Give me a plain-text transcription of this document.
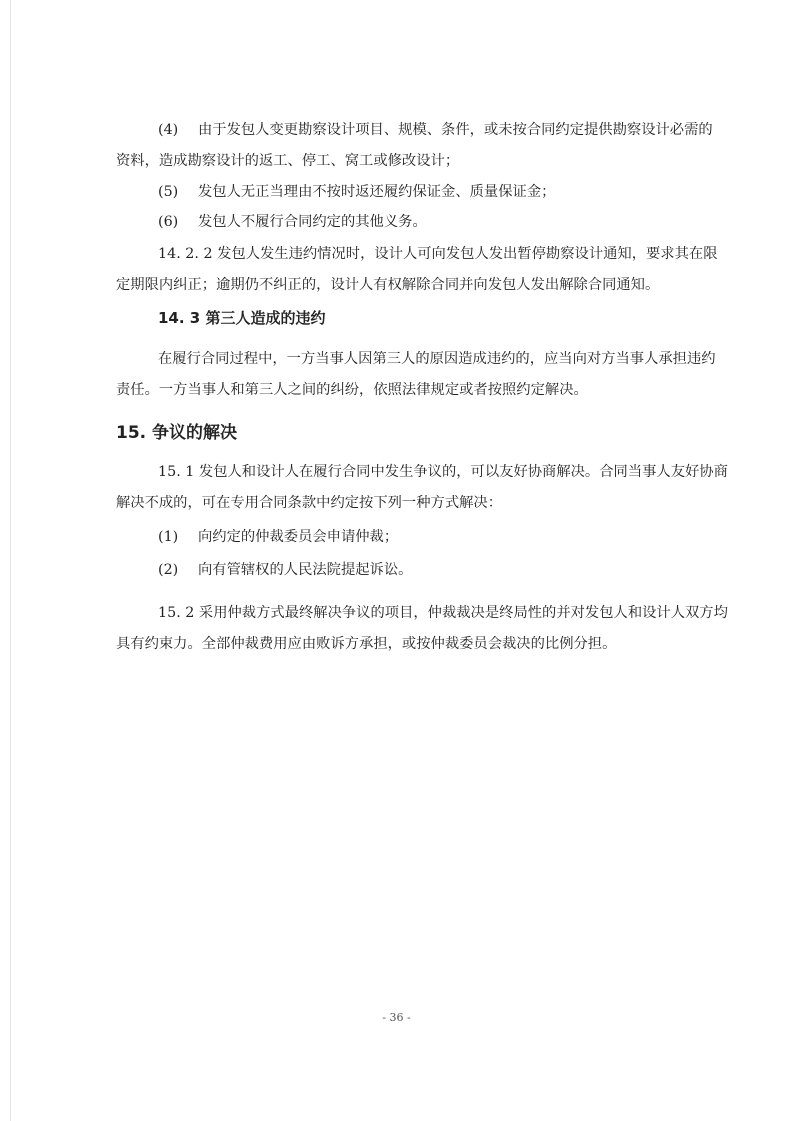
(4) 由于发包人变更勘察设计项目、规模、条件，或未按合同约定提供勘察设计必需的
资料，造成勘察设计的返工、停工、窝工或修改设计；
(5) 发包人无正当理由不按时返还履约保证金、质量保证金；
(6) 发包人不履行合同约定的其他义务。
14. 2. 2 发包人发生违约情况时，设计人可向发包人发出暂停勘察设计通知，要求其在限
定期限内纠正；逾期仍不纠正的，设计人有权解除合同并向发包人发出解除合同通知。
14. 3 第三人造成的违约
在履行合同过程中，一方当事人因第三人的原因造成违约的，应当向对方当事人承担违约
责任。一方当事人和第三人之间的纠纷，依照法律规定或者按照约定解决。
15. 争议的解决
15. 1 发包人和设计人在履行合同中发生争议的，可以友好协商解决。合同当事人友好协商
解决不成的，可在专用合同条款中约定按下列一种方式解决：
(1) 向约定的仲裁委员会申请仲裁；
(2) 向有管辖权的人民法院提起诉讼。
15. 2 采用仲裁方式最终解决争议的项目，仲裁裁决是终局性的并对发包人和设计人双方均
具有约束力。全部仲裁费用应由败诉方承担，或按仲裁委员会裁决的比例分担。
- 36 -
